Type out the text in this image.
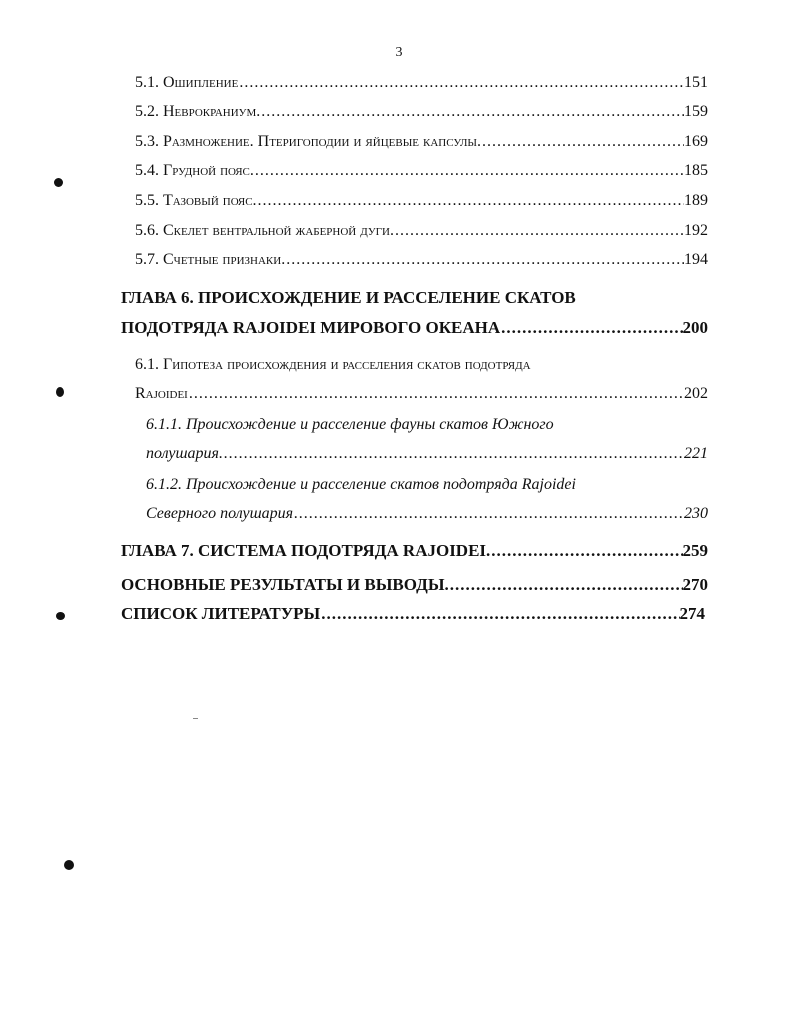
3
5.1. Ошипление .....	151
5.2. Неврокраниум. .....	159
5.3. Размножение. Птеригоподии и яйцевые капсулы. .....	169
5.4. Грудной пояс. .....	185
5.5. Тазовый пояс. .....	189
5.6. Скелет вентральной жаберной дуги. .....	192
5.7. Счетные признаки. .....	194
ГЛАВА 6. ПРОИСХОЖДЕНИЕ И РАССЕЛЕНИЕ СКАТОВ
ПОДОТРЯДА RAJOIDEI МИРОВОГО ОКЕАНА .....	200
6.1. Гипотеза происхождения и расселения скатов подотряда
Rajoidei .....	202
6.1.1. Происхождение и расселение фауны скатов Южного
полушария. .....	221
6.1.2. Происхождение и расселение скатов подотряда Rajoidei
Северного полушария .....	230
ГЛАВА 7. СИСТЕМА ПОДОТРЯДА RAJOIDEI. .....	259
ОСНОВНЫЕ РЕЗУЛЬТАТЫ И ВЫВОДЫ. .....	270
СПИСОК ЛИТЕРАТУРЫ .....	274
